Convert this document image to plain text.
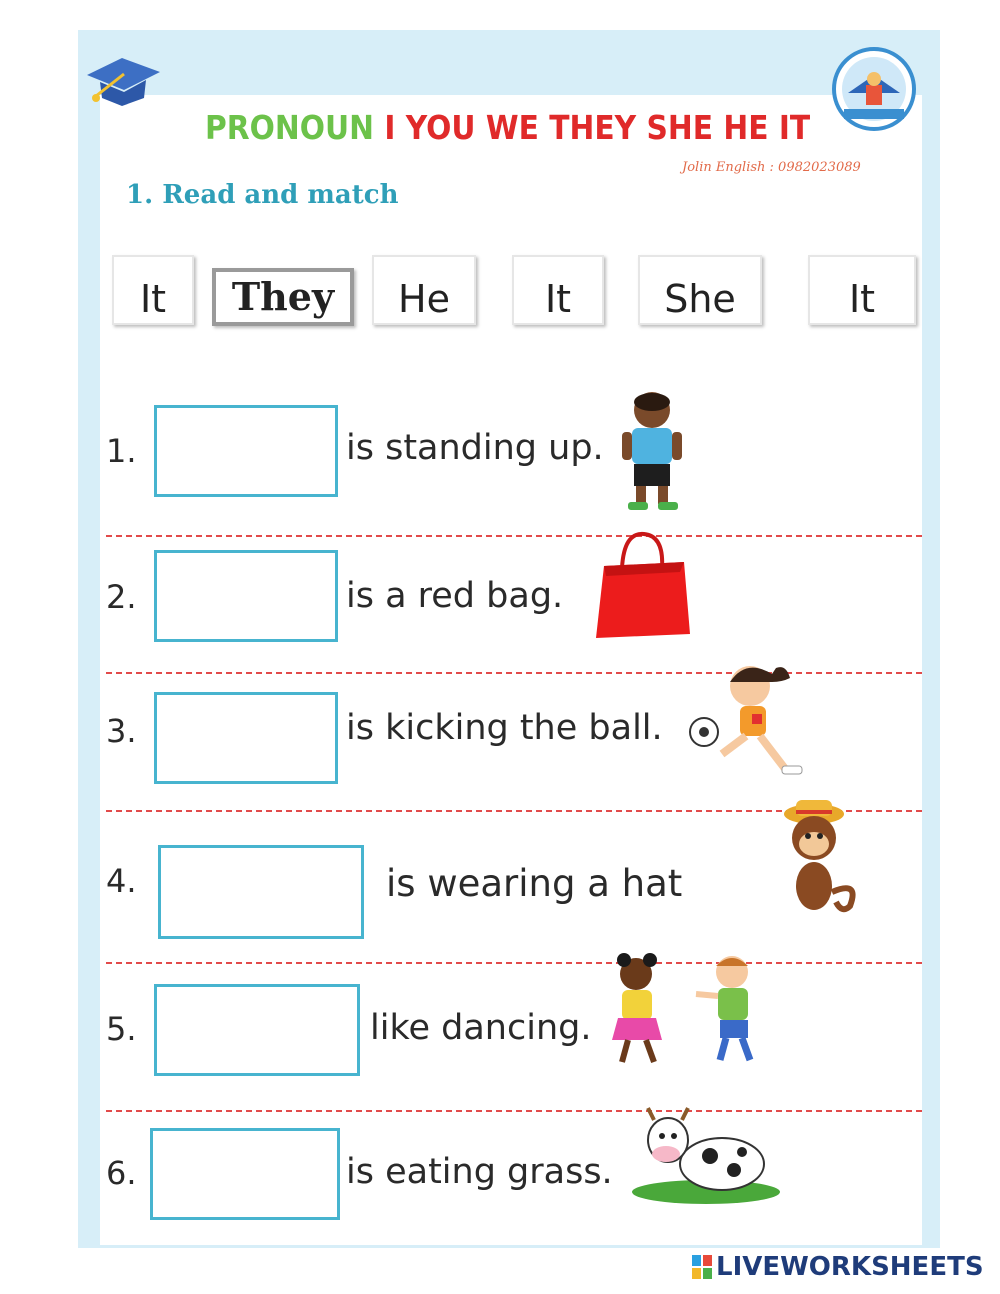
PRONOUN I YOU WE THEY SHE HE IT
Jolin English : 0982023089
1. Read and match
It	They	He	It	She	It
1.	is standing up.
2.	is a red bag.
3.	is kicking the ball.
4.	is wearing a hat
5.	like dancing.
6.	is eating grass.
LIVEWORKSHEETS
